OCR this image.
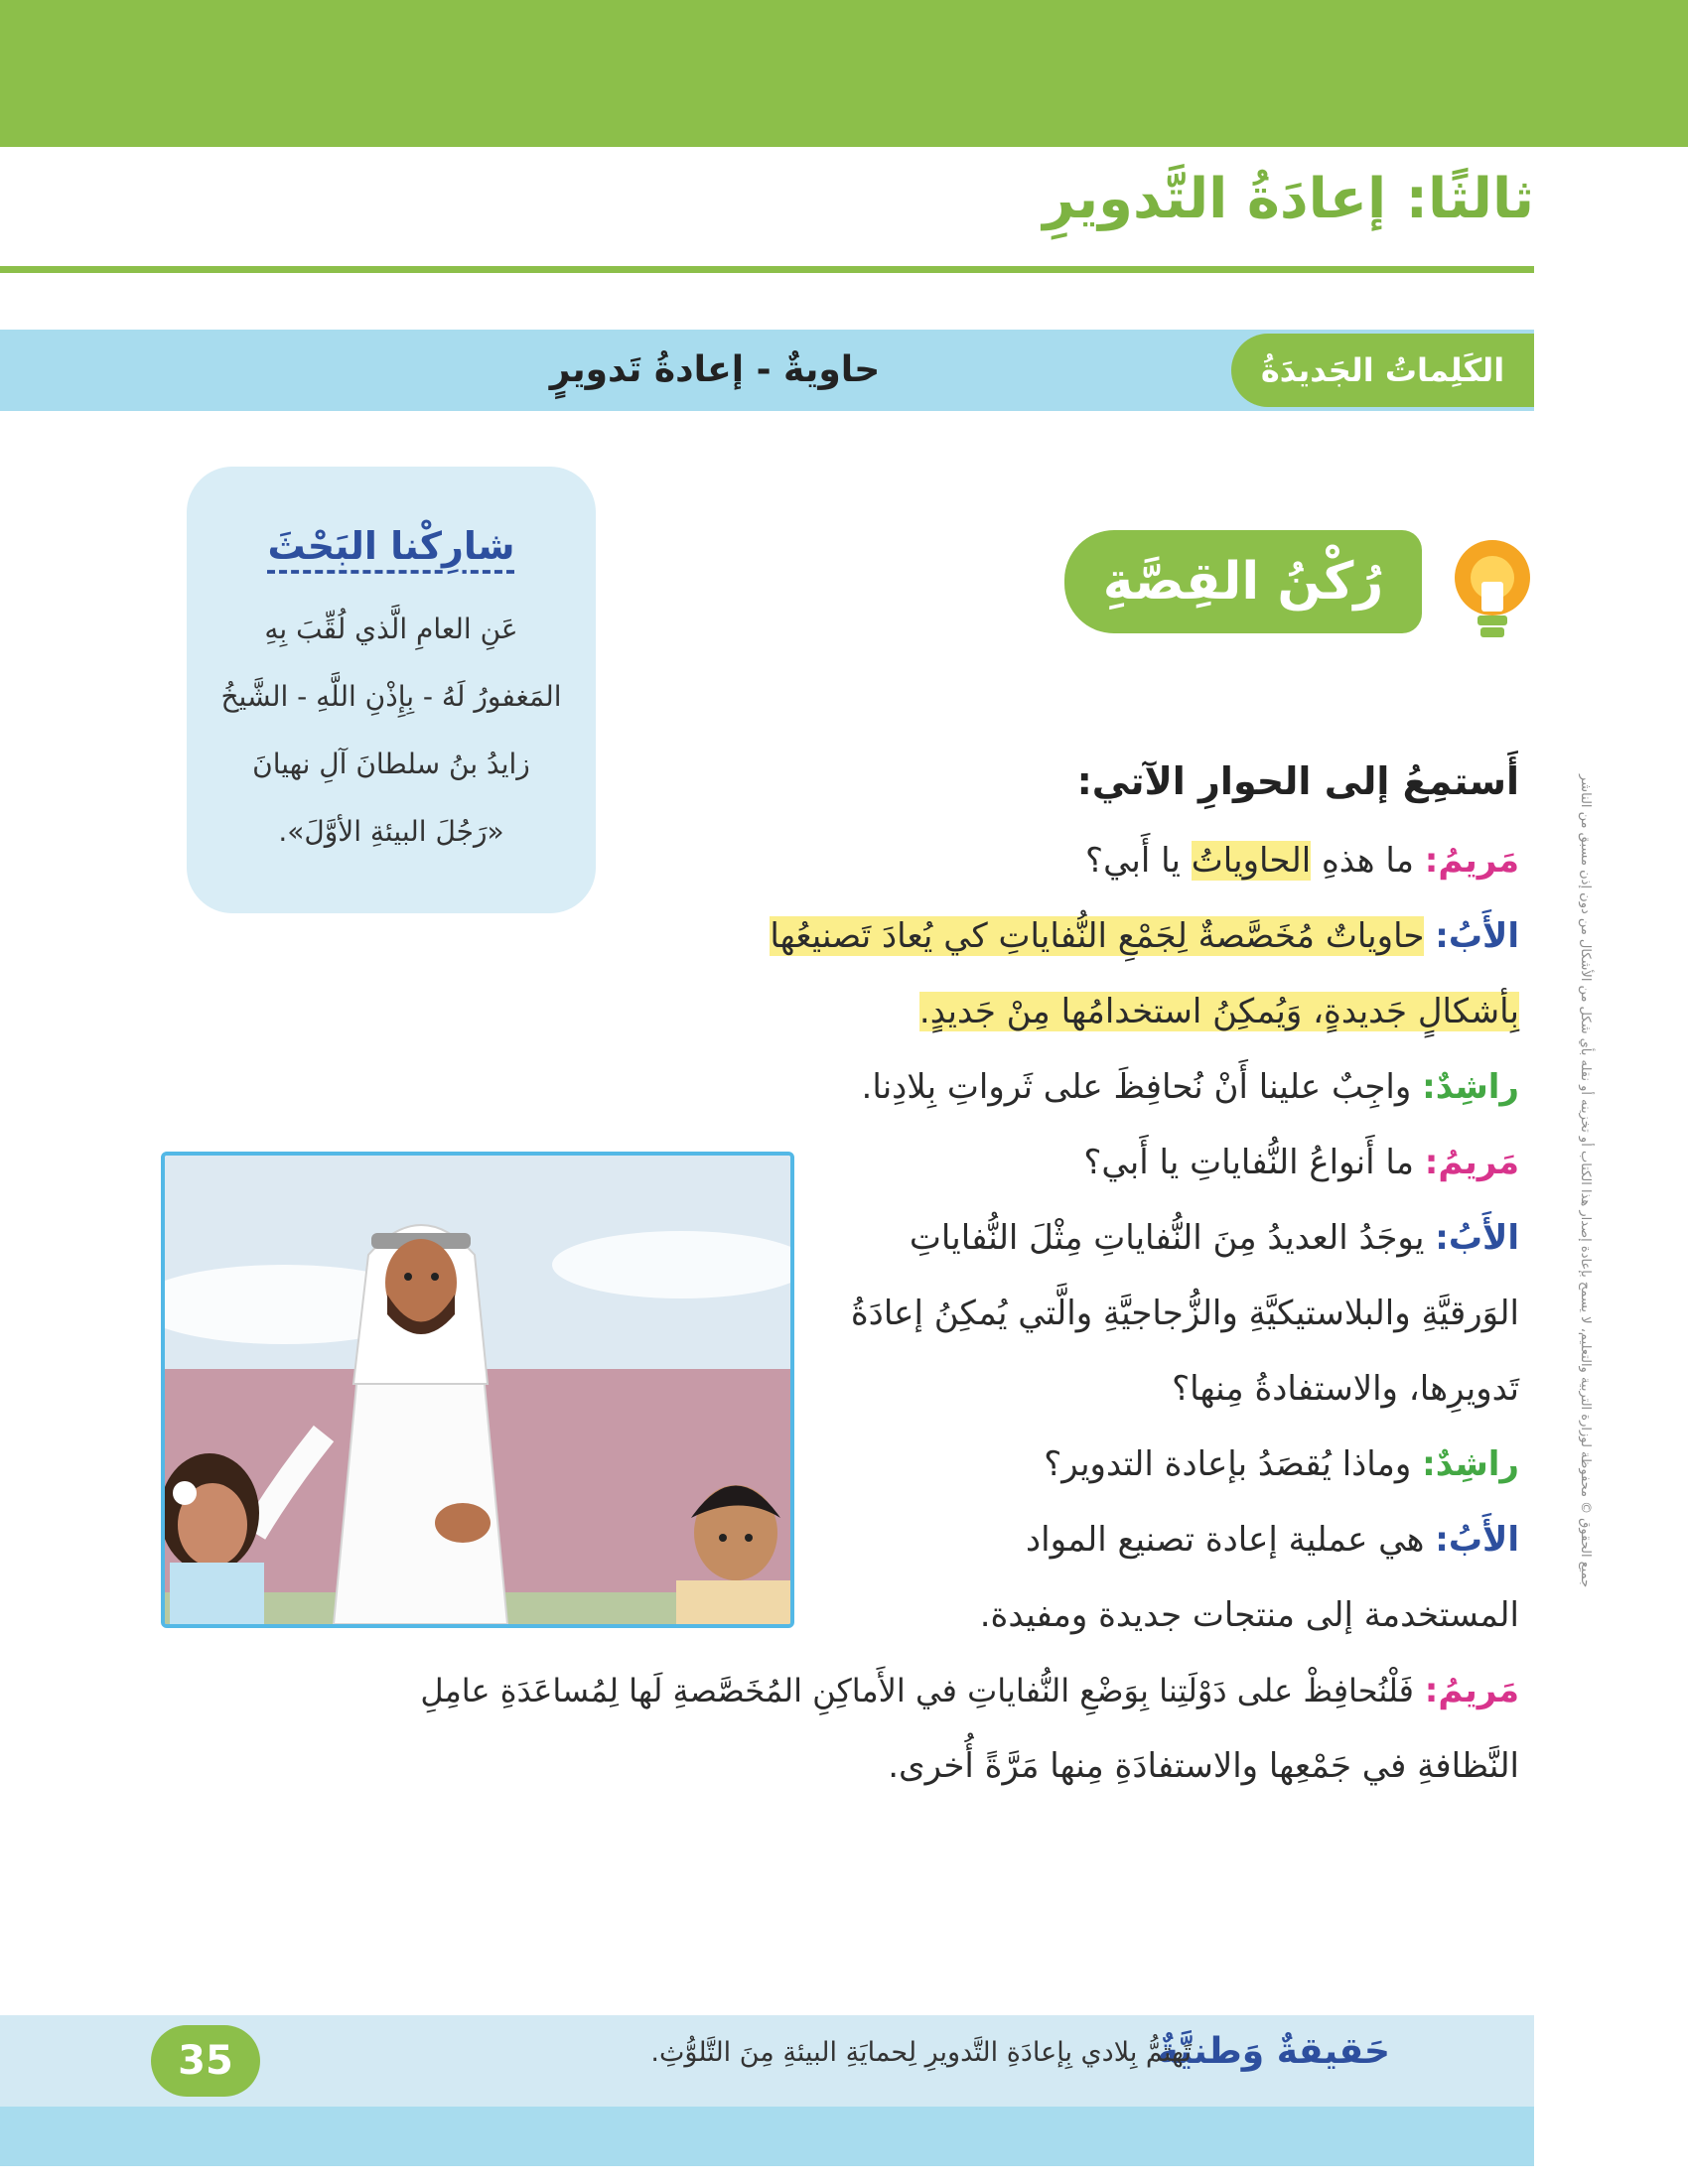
ثالثًا: إعادَةُ التَّدويرِ
الكَلِماتُ الجَديدَةُ
حاويةٌ - إعادةُ تَدويرٍ
شارِكْنا البَحْثَ
عَنِ العامِ الَّذي لُقِّبَ بِهِ
المَغفورُ لَهُ - بِإِذْنِ اللَّهِ - الشَّيخُ
زايدُ بنُ سلطانَ آلِ نهيانَ
«رَجُلَ البيئةِ الأوَّلَ».
رُكْنُ القِصَّةِ
جميع الحقوق © محفوظة لوزارة التربية والتعليم، لا يسمح بإعادة إصدار هذا الكتاب أو تخزينه أو نقله بأي شكل من الأشكال من دون إذن مسبق من الناشر
أَستمِعُ إلى الحوارِ الآتي:
مَريمُ: ما هذهِ الحاوياتُ يا أَبي؟
الأَبُ: حاوياتٌ مُخَصَّصةٌ لِجَمْعِ النُّفاياتِ كي يُعادَ تَصنيعُها
بِأشكالٍ جَديدةٍ، وَيُمكِنُ استخدامُها مِنْ جَديدٍ.
راشِدٌ: واجِبٌ علينا أَنْ نُحافِظَ على ثَرواتِ بِلادِنا.
مَريمُ: ما أَنواعُ النُّفاياتِ يا أَبي؟
الأَبُ: يوجَدُ العديدُ مِنَ النُّفاياتِ مِثْلَ النُّفاياتِ
الوَرقيَّةِ والبلاستيكيَّةِ والزُّجاجيَّةِ والَّتي يُمكِنُ إعادَةُ
تَدويرِها، والاستفادةُ مِنها؟
راشِدٌ: وماذا يُقصَدُ بإعادة التدوير؟
الأَبُ: هي عملية إعادة تصنيع المواد
المستخدمة إلى منتجات جديدة ومفيدة.
مَريمُ: فَلْنُحافِظْ على دَوْلَتِنا بِوَضْعِ النُّفاياتِ في الأَماكِنِ المُخَصَّصةِ لَها لِمُساعَدَةِ عامِلِ
النَّظافةِ في جَمْعِها والاستفادَةِ مِنها مَرَّةً أُخرى.
حَقيقةٌ وَطنيَّةٌ
تَهتمُّ بِلادي بِإعادَةِ التَّدويرِ لِحمايَةِ البيئةِ مِنَ التَّلوُّثِ.
35
